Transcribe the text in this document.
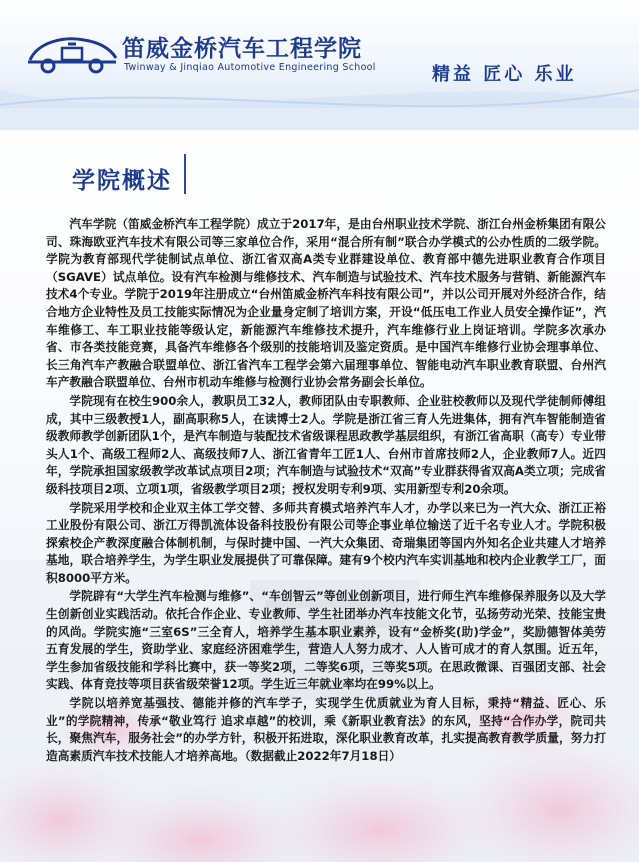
笛威金桥汽车工程学院
Twinway & Jinqiao Automotive Engineering School	精益 匠心 乐业
学院概述

汽车学院（笛威金桥汽车工程学院）成立于2017年，是由台州职业技术学院、浙江台州金桥集团有限公司、珠海欧亚汽车技术有限公司等三家单位合作，采用“混合所有制”联合办学模式的公办性质的二级学院。学院为教育部现代学徒制试点单位、浙江省双高A类专业群建设单位、教育部中德先进职业教育合作项目（SGAVE）试点单位。设有汽车检测与维修技术、汽车制造与试验技术、汽车技术服务与营销、新能源汽车技术4个专业。学院于2019年注册成立“台州笛威金桥汽车科技有限公司”，并以公司开展对外经济合作，结合地方企业特性及员工技能实际情况为企业量身定制了培训方案，开设“低压电工作业人员安全操作证”，汽车维修工、车工职业技能等级认定，新能源汽车维修技术提升，汽车维修行业上岗证培训。学院多次承办省、市各类技能竞赛，具备汽车维修各个级别的技能培训及鉴定资质。是中国汽车维修行业协会理事单位、长三角汽车产教融合联盟单位、浙江省汽车工程学会第六届理事单位、智能电动汽车职业教育联盟、台州汽车产教融合联盟单位、台州市机动车维修与检测行业协会常务副会长单位。

学院现有在校生900余人，教职员工32人，教师团队由专职教师、企业驻校教师以及现代学徒制师傅组成，其中三级教授1人，副高职称5人，在读博士2人。学院是浙江省三育人先进集体，拥有汽车智能制造省级教师教学创新团队1个，是汽车制造与装配技术省级课程思政教学基层组织，有浙江省高职（高专）专业带头人1个、高级工程师2人、高级技师7人、浙江省青年工匠1人、台州市首席技师2人，企业教师7人。近四年，学院承担国家级教学改革试点项目2项；汽车制造与试验技术“双高”专业群获得省双高A类立项；完成省级科技项目2项、立项1项，省级教学项目2项；授权发明专利9项、实用新型专利20余项。

学院采用学校和企业双主体工学交替、多师共育模式培养汽车人才，办学以来已为一汽大众、浙江正裕工业股份有限公司、浙江万得凯流体设备科技股份有限公司等企事业单位输送了近千名专业人才。学院积极探索校企产教深度融合体制机制，与保时捷中国、一汽大众集团、奇瑞集团等国内外知名企业共建人才培养基地，联合培养学生，为学生职业发展提供了可靠保障。建有9个校内汽车实训基地和校内企业教学工厂，面积8000平方米。

学院辟有“大学生汽车检测与维修”、“车创智云”等创业创新项目，进行师生汽车维修保养服务以及大学生创新创业实践活动。依托合作企业、专业教师、学生社团举办汽车技能文化节，弘扬劳动光荣、技能宝贵的风尚。学院实施“三室6S”三全育人，培养学生基本职业素养，设有“金桥奖(助)学金”，奖励德智体美劳五育发展的学生，资助学业、家庭经济困难学生，营造人人努力成才、人人皆可成才的育人氛围。近五年，学生参加省级技能和学科比赛中，获一等奖2项，二等奖6项，三等奖5项。在思政微课、百强团支部、社会实践、体育竞技等项目获省级荣誉12项。学生近三年就业率均在99%以上。

学院以培养宽基强技、德能并修的汽车学子，实现学生优质就业为育人目标，秉持“精益、匠心、乐业”的学院精神，传承“敬业笃行 追求卓越”的校训，乘《新职业教育法》的东风，坚持“合作办学，院司共长，聚焦汽车，服务社会”的办学方针，积极开拓进取，深化职业教育改革，扎实提高教育教学质量，努力打造高素质汽车技术技能人才培养高地。（数据截止2022年7月18日）
